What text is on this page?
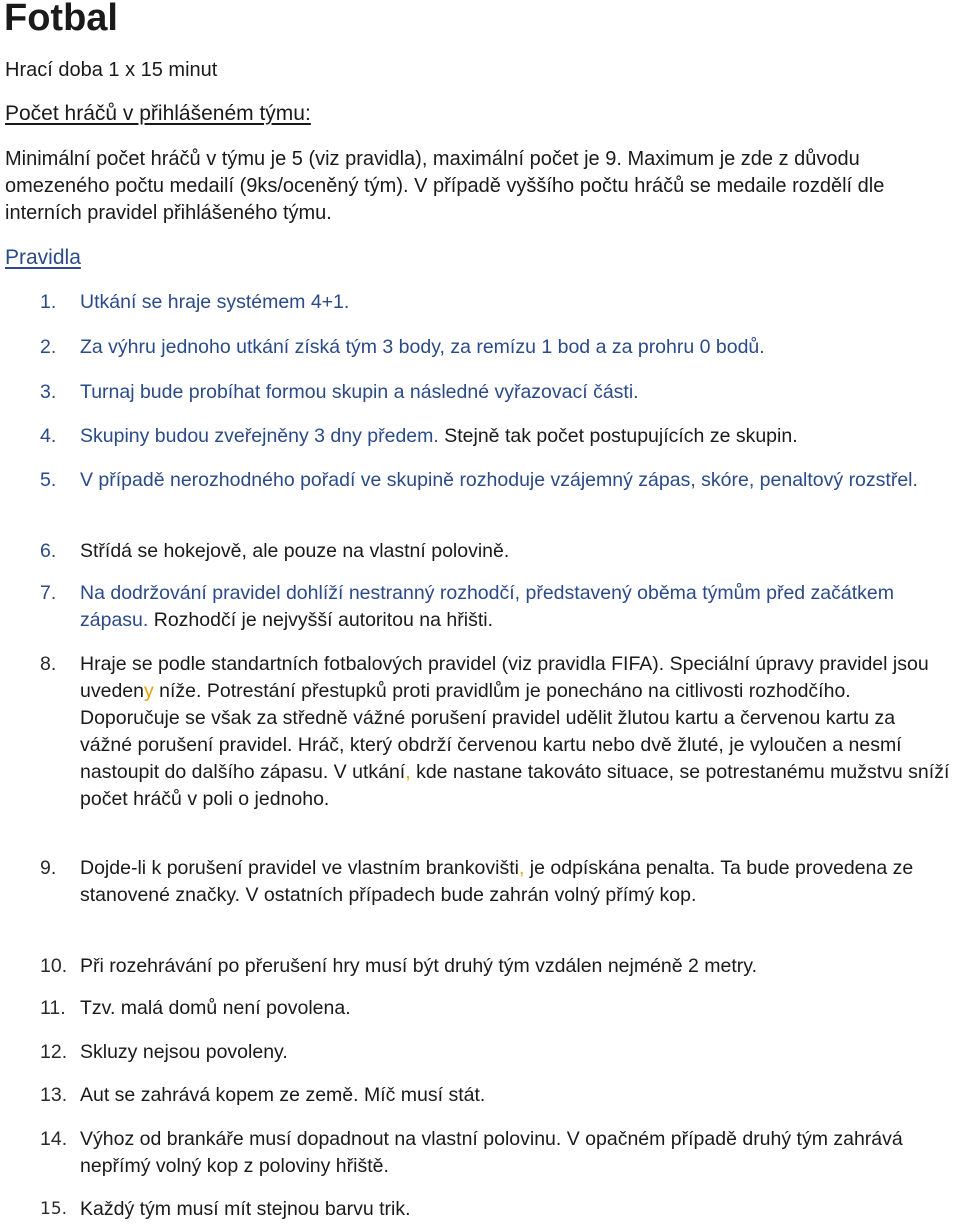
Fotbal

Hrací doba 1 x 15 minut

Počet hráčů v přihlášeném týmu:

Minimální počet hráčů v týmu je 5 (viz pravidla), maximální počet je 9. Maximum je zde z důvodu omezeného počtu medailí (9ks/oceněný tým). V případě vyššího počtu hráčů se medaile rozdělí dle interních pravidel přihlášeného týmu.

Pravidla

1. Utkání se hraje systémem 4+1.
2. Za výhru jednoho utkání získá tým 3 body, za remízu 1 bod a za prohru 0 bodů.
3. Turnaj bude probíhat formou skupin a následné vyřazovací části.
4. Skupiny budou zveřejněny 3 dny předem. Stejně tak počet postupujících ze skupin.
5. V případě nerozhodného pořadí ve skupině rozhoduje vzájemný zápas, skóre, penaltový rozstřel.
6. Střídá se hokejově, ale pouze na vlastní polovině.
7. Na dodržování pravidel dohlíží nestranný rozhodčí, představený oběma týmům před začátkem zápasu. Rozhodčí je nejvyšší autoritou na hřišti.
8. Hraje se podle standartních fotbalových pravidel (viz pravidla FIFA). Speciální úpravy pravidel jsou uvedeny níže. Potrestání přestupků proti pravidlům je ponecháno na citlivosti rozhodčího. Doporučuje se však za středně vážné porušení pravidel udělit žlutou kartu a červenou kartu za vážné porušení pravidel. Hráč, který obdrží červenou kartu nebo dvě žluté, je vyloučen a nesmí nastoupit do dalšího zápasu. V utkání, kde nastane takováto situace, se potrestanému mužstvu sníží počet hráčů v poli o jednoho.
9. Dojde-li k porušení pravidel ve vlastním brankovišti, je odpískána penalta. Ta bude provedena ze stanovené značky. V ostatních případech bude zahrán volný přímý kop.
10. Při rozehrávání po přerušení hry musí být druhý tým vzdálen nejméně 2 metry.
11. Tzv. malá domů není povolena.
12. Skluzy nejsou povoleny.
13. Aut se zahrává kopem ze země. Míč musí stát.
14. Výhoz od brankáře musí dopadnout na vlastní polovinu. V opačném případě druhý tým zahrává nepřímý volný kop z poloviny hřiště.
15. Každý tým musí mít stejnou barvu trik.
